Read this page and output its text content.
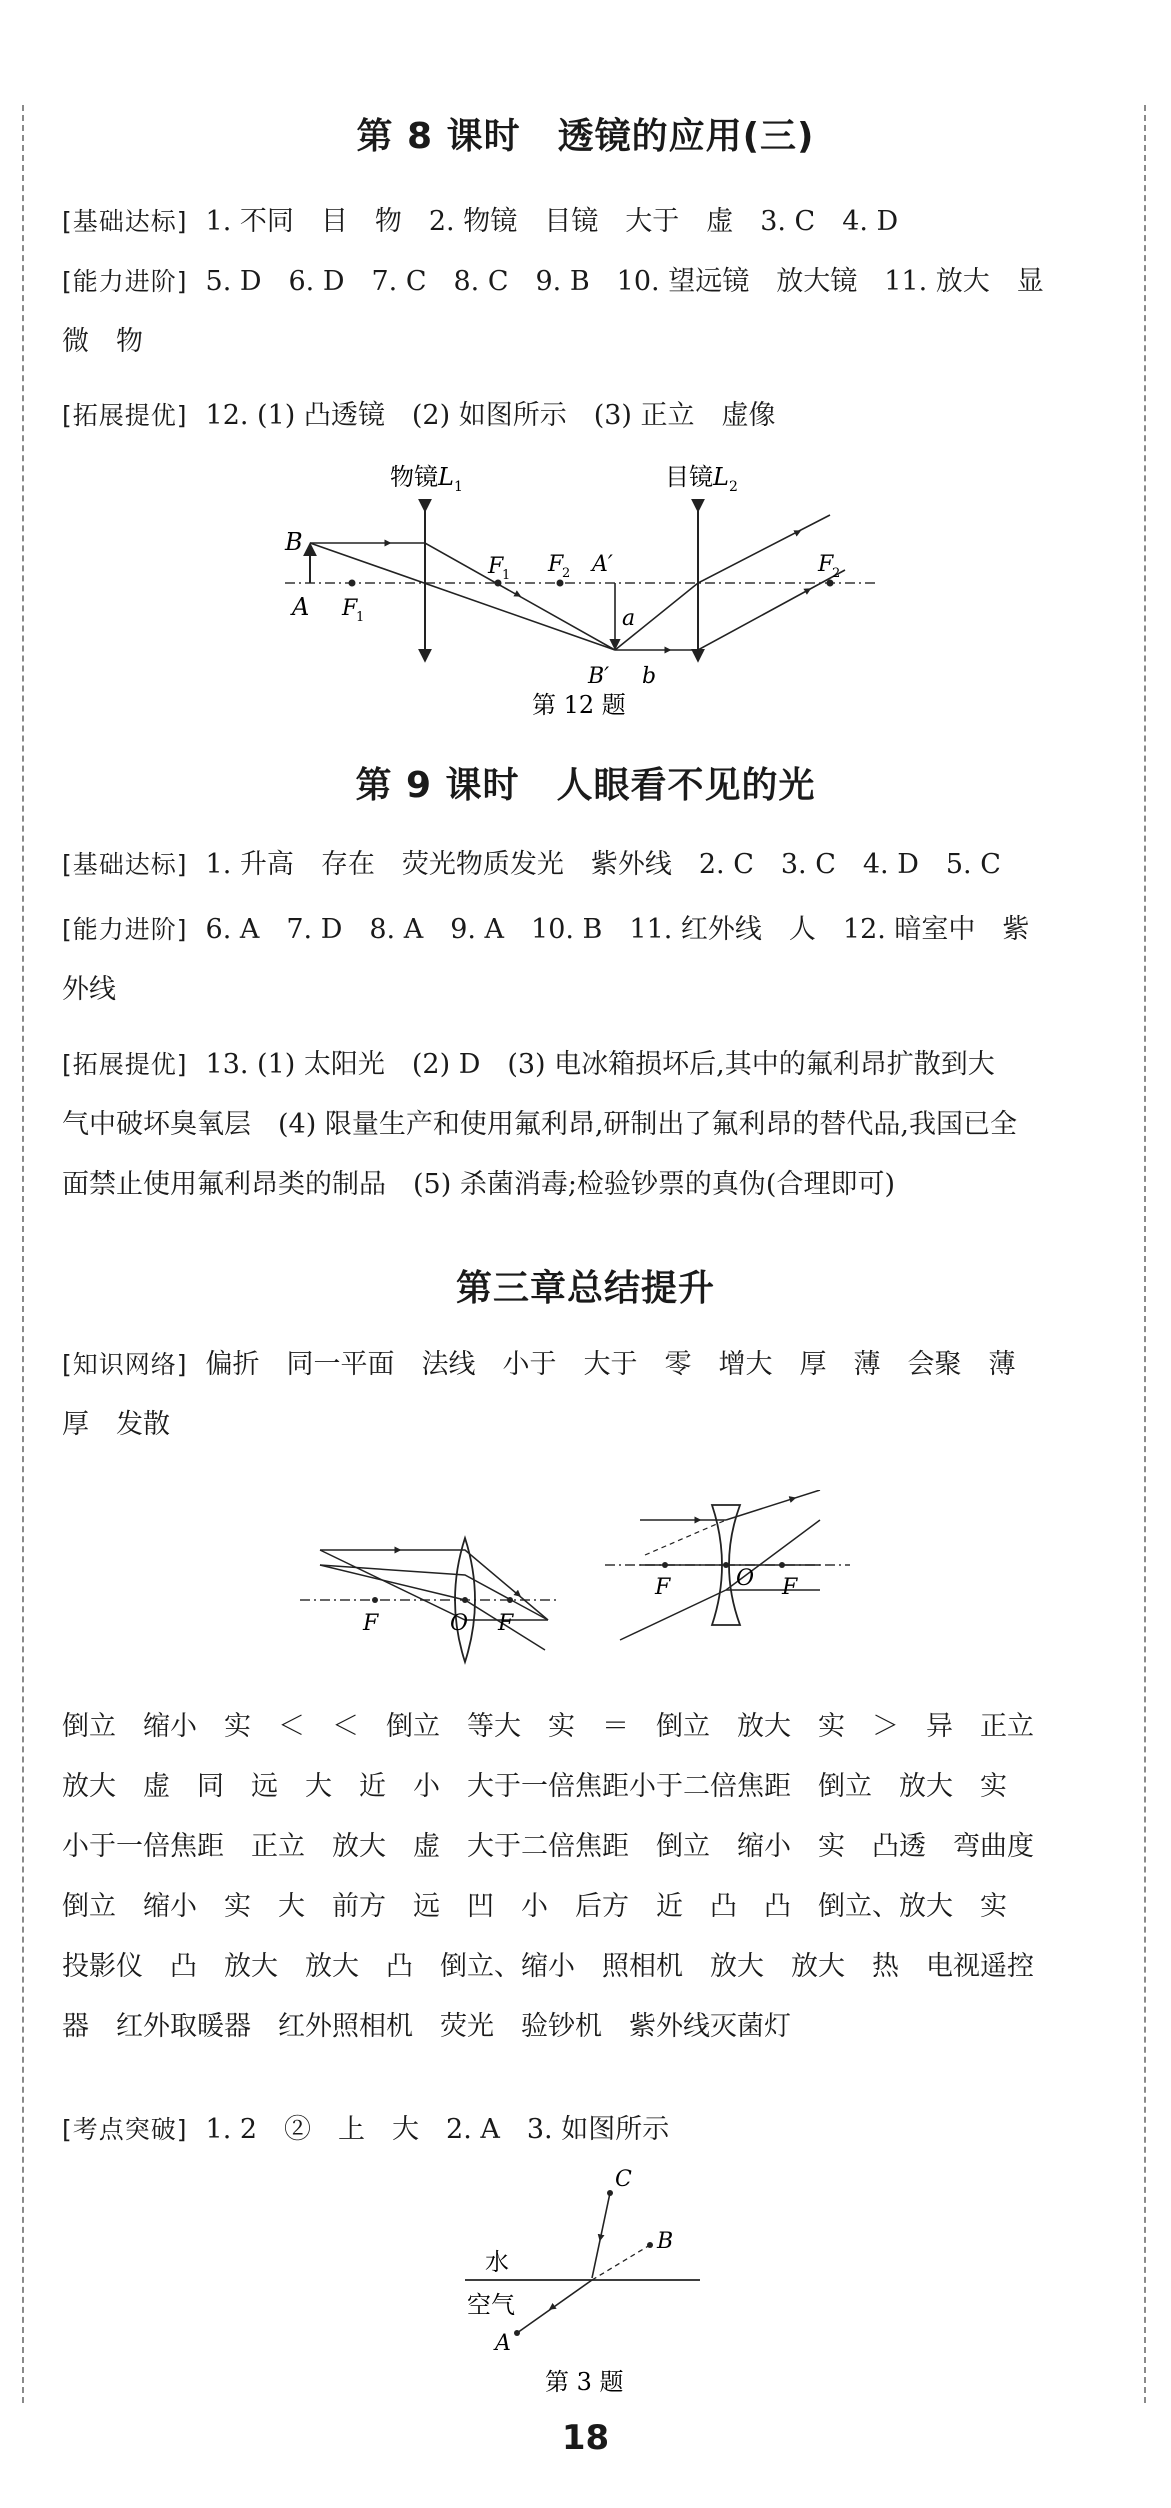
第 8 课时　透镜的应用(三)
[基础达标] 1. 不同　目　物　2. 物镜　目镜　大于　虚　3. C　4. D
[能力进阶] 5. D　6. D　7. C　8. C　9. B　10. 望远镜　放大镜　11. 放大　显
微　物
[拓展提优] 12. (1) 凸透镜　(2) 如图所示　(3) 正立　虚像
物镜 L 1	目镜 L 2
B
A F
1
F
1 F
2 A′
B′
a
b
F
2
第 12 题
第 9 课时　人眼看不见的光
[基础达标] 1. 升高　存在　荧光物质发光　紫外线　2. C　3. C　4. D　5. C
[能力进阶] 6. A　7. D　8. A　9. A　10. B　11. 红外线　人　12. 暗室中　紫
外线
[拓展提优] 13. (1) 太阳光　(2) D　(3) 电冰箱损坏后,其中的氟利昂扩散到大
气中破坏臭氧层　(4) 限量生产和使用氟利昂,研制出了氟利昂的替代品,我国已全
面禁止使用氟利昂类的制品　(5) 杀菌消毒;检验钞票的真伪(合理即可)
第三章总结提升
[知识网络] 偏折　同一平面　法线　小于　大于　零　增大　厚　薄　会聚　薄
厚　发散
F	O F
F	O F
倒立　缩小　实　＜　＜　倒立　等大　实　＝　倒立　放大　实　＞　异　正立
放大　虚　同　远　大　近　小　大于一倍焦距小于二倍焦距　倒立　放大　实
小于一倍焦距　正立　放大　虚　大于二倍焦距　倒立　缩小　实　凸透　弯曲度
倒立　缩小　实　大　前方　远　凹　小　后方　近　凸　凸　倒立、放大　实
投影仪　凸　放大　放大　凸　倒立、缩小　照相机　放大　放大　热　电视遥控
器　红外取暖器　红外照相机　荧光　验钞机　紫外线灭菌灯
[考点突破] 1. 2　②　上　大　2. A　3. 如图所示
C
B
A
水
空气
第 3 题
18
